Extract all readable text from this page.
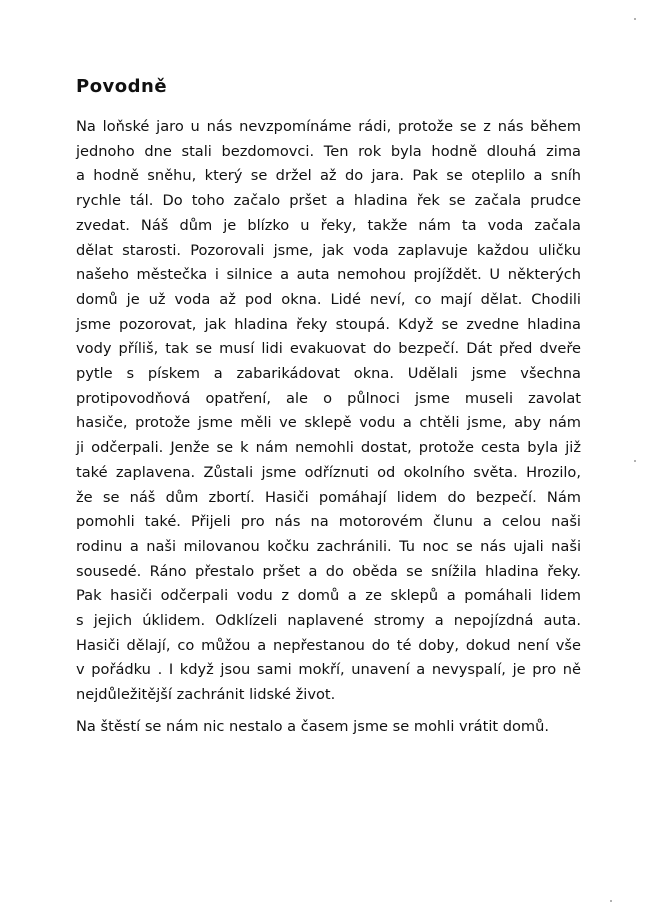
Povodně

Na loňské jaro u nás nevzpomínáme rádi, protože se z nás během

jednoho dne stali bezdomovci. Ten rok byla hodně dlouhá zima

a hodně sněhu, který se držel až do jara. Pak se oteplilo a sníh

rychle tál. Do toho začalo pršet a hladina řek se začala prudce

zvedat. Náš dům je blízko u řeky, takže nám ta voda začala

dělat starosti. Pozorovali jsme, jak voda zaplavuje každou uličku

našeho městečka i silnice a auta nemohou projíždět. U některých

domů je už voda až pod okna. Lidé neví, co mají dělat. Chodili

jsme pozorovat, jak hladina řeky stoupá. Když se zvedne hladina

vody příliš, tak se musí lidi evakuovat do bezpečí. Dát před dveře

pytle s pískem a zabarikádovat okna. Udělali jsme všechna

protipovodňová opatření, ale o půlnoci jsme museli zavolat

hasiče, protože jsme měli ve sklepě vodu a chtěli jsme, aby nám

ji odčerpali. Jenže se k nám nemohli dostat, protože cesta byla již

také zaplavena. Zůstali jsme odříznuti od okolního světa. Hrozilo,

že se náš dům zbortí. Hasiči pomáhají lidem do bezpečí. Nám

pomohli také. Přijeli pro nás na motorovém člunu a celou naši

rodinu a naši milovanou kočku zachránili. Tu noc se nás ujali naši

sousedé. Ráno přestalo pršet a do oběda se snížila hladina řeky.

Pak hasiči odčerpali vodu z domů a ze sklepů a pomáhali lidem

s jejich úklidem. Odklízeli naplavené stromy a nepojízdná auta.

Hasiči dělají, co můžou a nepřestanou do té doby, dokud není vše

v pořádku . I když jsou sami mokří, unavení a nevyspalí, je pro ně

nejdůležitější zachránit lidské život.

Na štěstí se nám nic nestalo a časem jsme se mohli vrátit domů.
